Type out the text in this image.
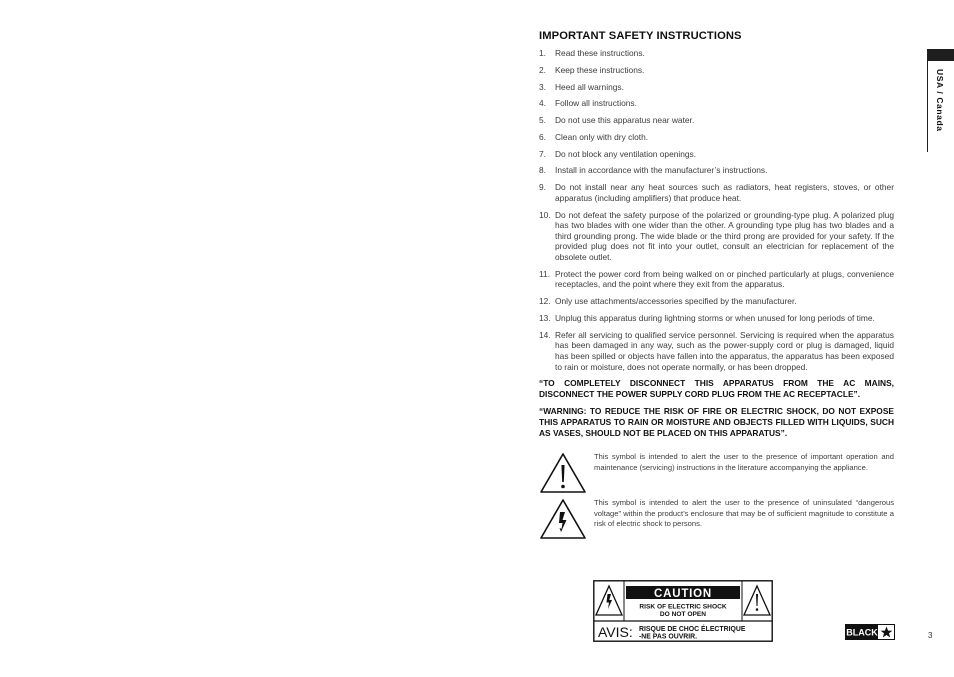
IMPORTANT SAFETY INSTRUCTIONS
1. Read these instructions.
2. Keep these instructions.
3. Heed all warnings.
4. Follow all instructions.
5. Do not use this apparatus near water.
6. Clean only with dry cloth.
7. Do not block any ventilation openings.
8. Install in accordance with the manufacturer’s instructions.
9. Do not install near any heat sources such as radiators, heat registers, stoves, or other apparatus (including amplifiers) that produce heat.
10. Do not defeat the safety purpose of the polarized or grounding-type plug. A polarized plug has two blades with one wider than the other. A grounding type plug has two blades and a third grounding prong. The wide blade or the third prong are provided for your safety. If the provided plug does not fit into your outlet, consult an electrician for replacement of the obsolete outlet.
11. Protect the power cord from being walked on or pinched particularly at plugs, convenience receptacles, and the point where they exit from the apparatus.
12. Only use attachments/accessories specified by the manufacturer.
13. Unplug this apparatus during lightning storms or when unused for long periods of time.
14. Refer all servicing to qualified service personnel. Servicing is required when the apparatus has been damaged in any way, such as the power-supply cord or plug is damaged, liquid has been spilled or objects have fallen into the apparatus, the apparatus has been exposed to rain or moisture, does not operate normally, or has been dropped.

“TO COMPLETELY DISCONNECT THIS APPARATUS FROM THE AC MAINS, DISCONNECT THE POWER SUPPLY CORD PLUG FROM THE AC RECEPTACLE”.

“WARNING: TO REDUCE THE RISK OF FIRE OR ELECTRIC SHOCK, DO NOT EXPOSE THIS APPARATUS TO RAIN OR MOISTURE AND OBJECTS FILLED WITH LIQUIDS, SUCH AS VASES, SHOULD NOT BE PLACED ON THIS APPARATUS”.

This symbol is intended to alert the user to the presence of important operation and maintenance (servicing) instructions in the literature accompanying the appliance.

This symbol is intended to alert the user to the presence of uninsulated “dangerous voltage” within the product’s enclosure that may be of sufficient magnitude to constitute a risk of electric shock to persons.

CAUTION
RISK OF ELECTRIC SHOCK
DO NOT OPEN
AVIS: RISQUE DE CHOC ÉLECTRIQUE
-NE PAS OUVRIR.
USA / Canada
BLACK	3
